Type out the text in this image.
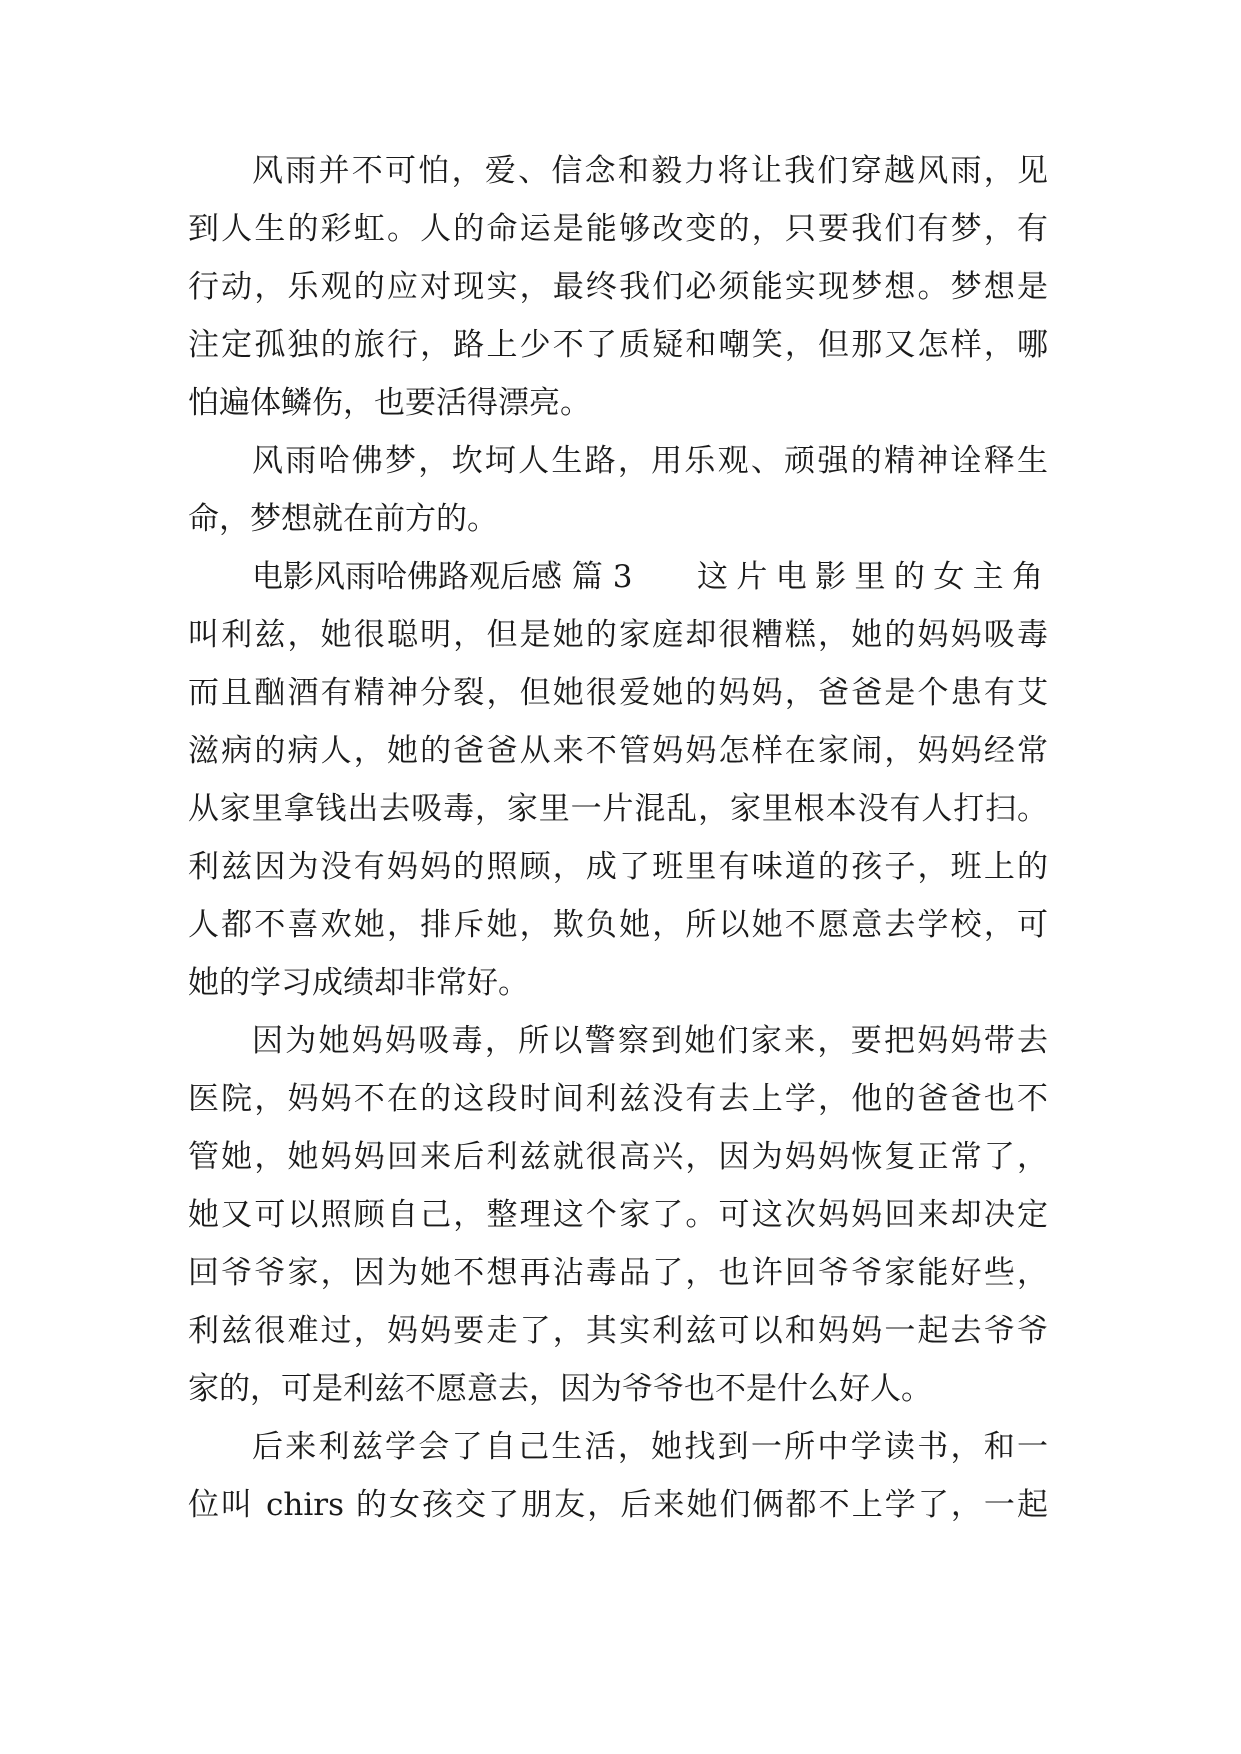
风雨并不可怕，爱、信念和毅力将让我们穿越风雨，见

到人生的彩虹。人的命运是能够改变的，只要我们有梦，有

行动，乐观的应对现实，最终我们必须能实现梦想。梦想是

注定孤独的旅行，路上少不了质疑和嘲笑，但那又怎样，哪

怕遍体鳞伤，也要活得漂亮。

风雨哈佛梦，坎坷人生路，用乐观、顽强的精神诠释生

命，梦想就在前方的。

电影风雨哈佛路观后感 篇 3 这片电影里的女主角

叫利兹，她很聪明，但是她的家庭却很糟糕，她的妈妈吸毒

而且酗酒有精神分裂，但她很爱她的妈妈，爸爸是个患有艾

滋病的病人，她的爸爸从来不管妈妈怎样在家闹，妈妈经常

从家里拿钱出去吸毒，家里一片混乱，家里根本没有人打扫。

利兹因为没有妈妈的照顾，成了班里有味道的孩子，班上的

人都不喜欢她，排斥她，欺负她，所以她不愿意去学校，可

她的学习成绩却非常好。

因为她妈妈吸毒，所以警察到她们家来，要把妈妈带去

医院，妈妈不在的这段时间利兹没有去上学，他的爸爸也不

管她，她妈妈回来后利兹就很高兴，因为妈妈恢复正常了，

她又可以照顾自己，整理这个家了。可这次妈妈回来却决定

回爷爷家，因为她不想再沾毒品了，也许回爷爷家能好些，

利兹很难过，妈妈要走了，其实利兹可以和妈妈一起去爷爷

家的，可是利兹不愿意去，因为爷爷也不是什么好人。

后来利兹学会了自己生活，她找到一所中学读书，和一

位叫 chirs 的女孩交了朋友，后来她们俩都不上学了，一起
